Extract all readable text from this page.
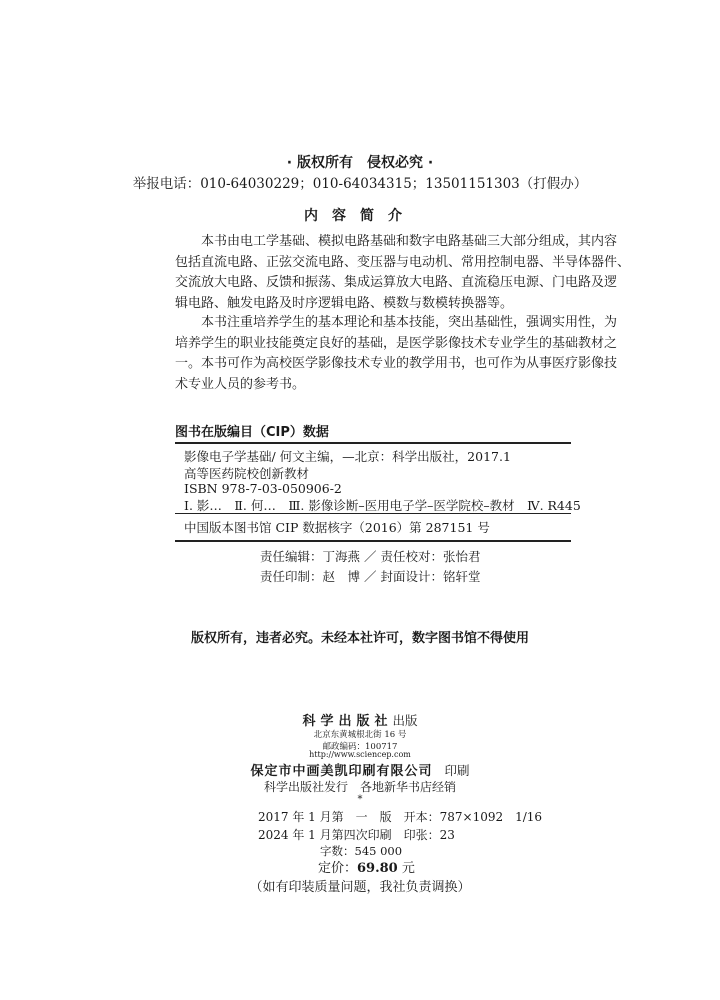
· 版权所有　侵权必究 ·
举报电话：010-64030229；010-64034315；13501151303（打假办）
内容简介
本书由电工学基础、模拟电路基础和数字电路基础三大部分组成，其内容
包括直流电路、正弦交流电路、变压器与电动机、常用控制电器、半导体器件、
交流放大电路、反馈和振荡、集成运算放大电路、直流稳压电源、门电路及逻
辑电路、触发电路及时序逻辑电路、模数与数模转换器等。
本书注重培养学生的基本理论和基本技能，突出基础性，强调实用性，为
培养学生的职业技能奠定良好的基础，是医学影像技术专业学生的基础教材之
一。本书可作为高校医学影像技术专业的教学用书，也可作为从事医疗影像技
术专业人员的参考书。
图书在版编目（CIP）数据
影像电子学基础/ 何文主编，—北京：科学出版社，2017.1
高等医药院校创新教材
ISBN 978-7-03-050906-2
Ⅰ. 影…　Ⅱ. 何…　Ⅲ. 影像诊断–医用电子学–医学院校–教材　Ⅳ. R445
中国版本图书馆 CIP 数据核字（2016）第 287151 号
责任编辑：丁海燕 ／ 责任校对：张怡君
责任印制：赵　博 ／ 封面设计：铭轩堂
版权所有，违者必究。未经本社许可，数字图书馆不得使用
科学出版社出版
北京东黄城根北街 16 号
邮政编码：100717
http://www.sciencep.com
保定市中画美凯印刷有限公司 印刷
科学出版社发行　各地新华书店经销
*
2017 年 1 月第　一　版　开本：787×1092　1/16
2024 年 1 月第四次印刷　印张：23
字数：545 000
定价：69.80 元
（如有印装质量问题，我社负责调换）
